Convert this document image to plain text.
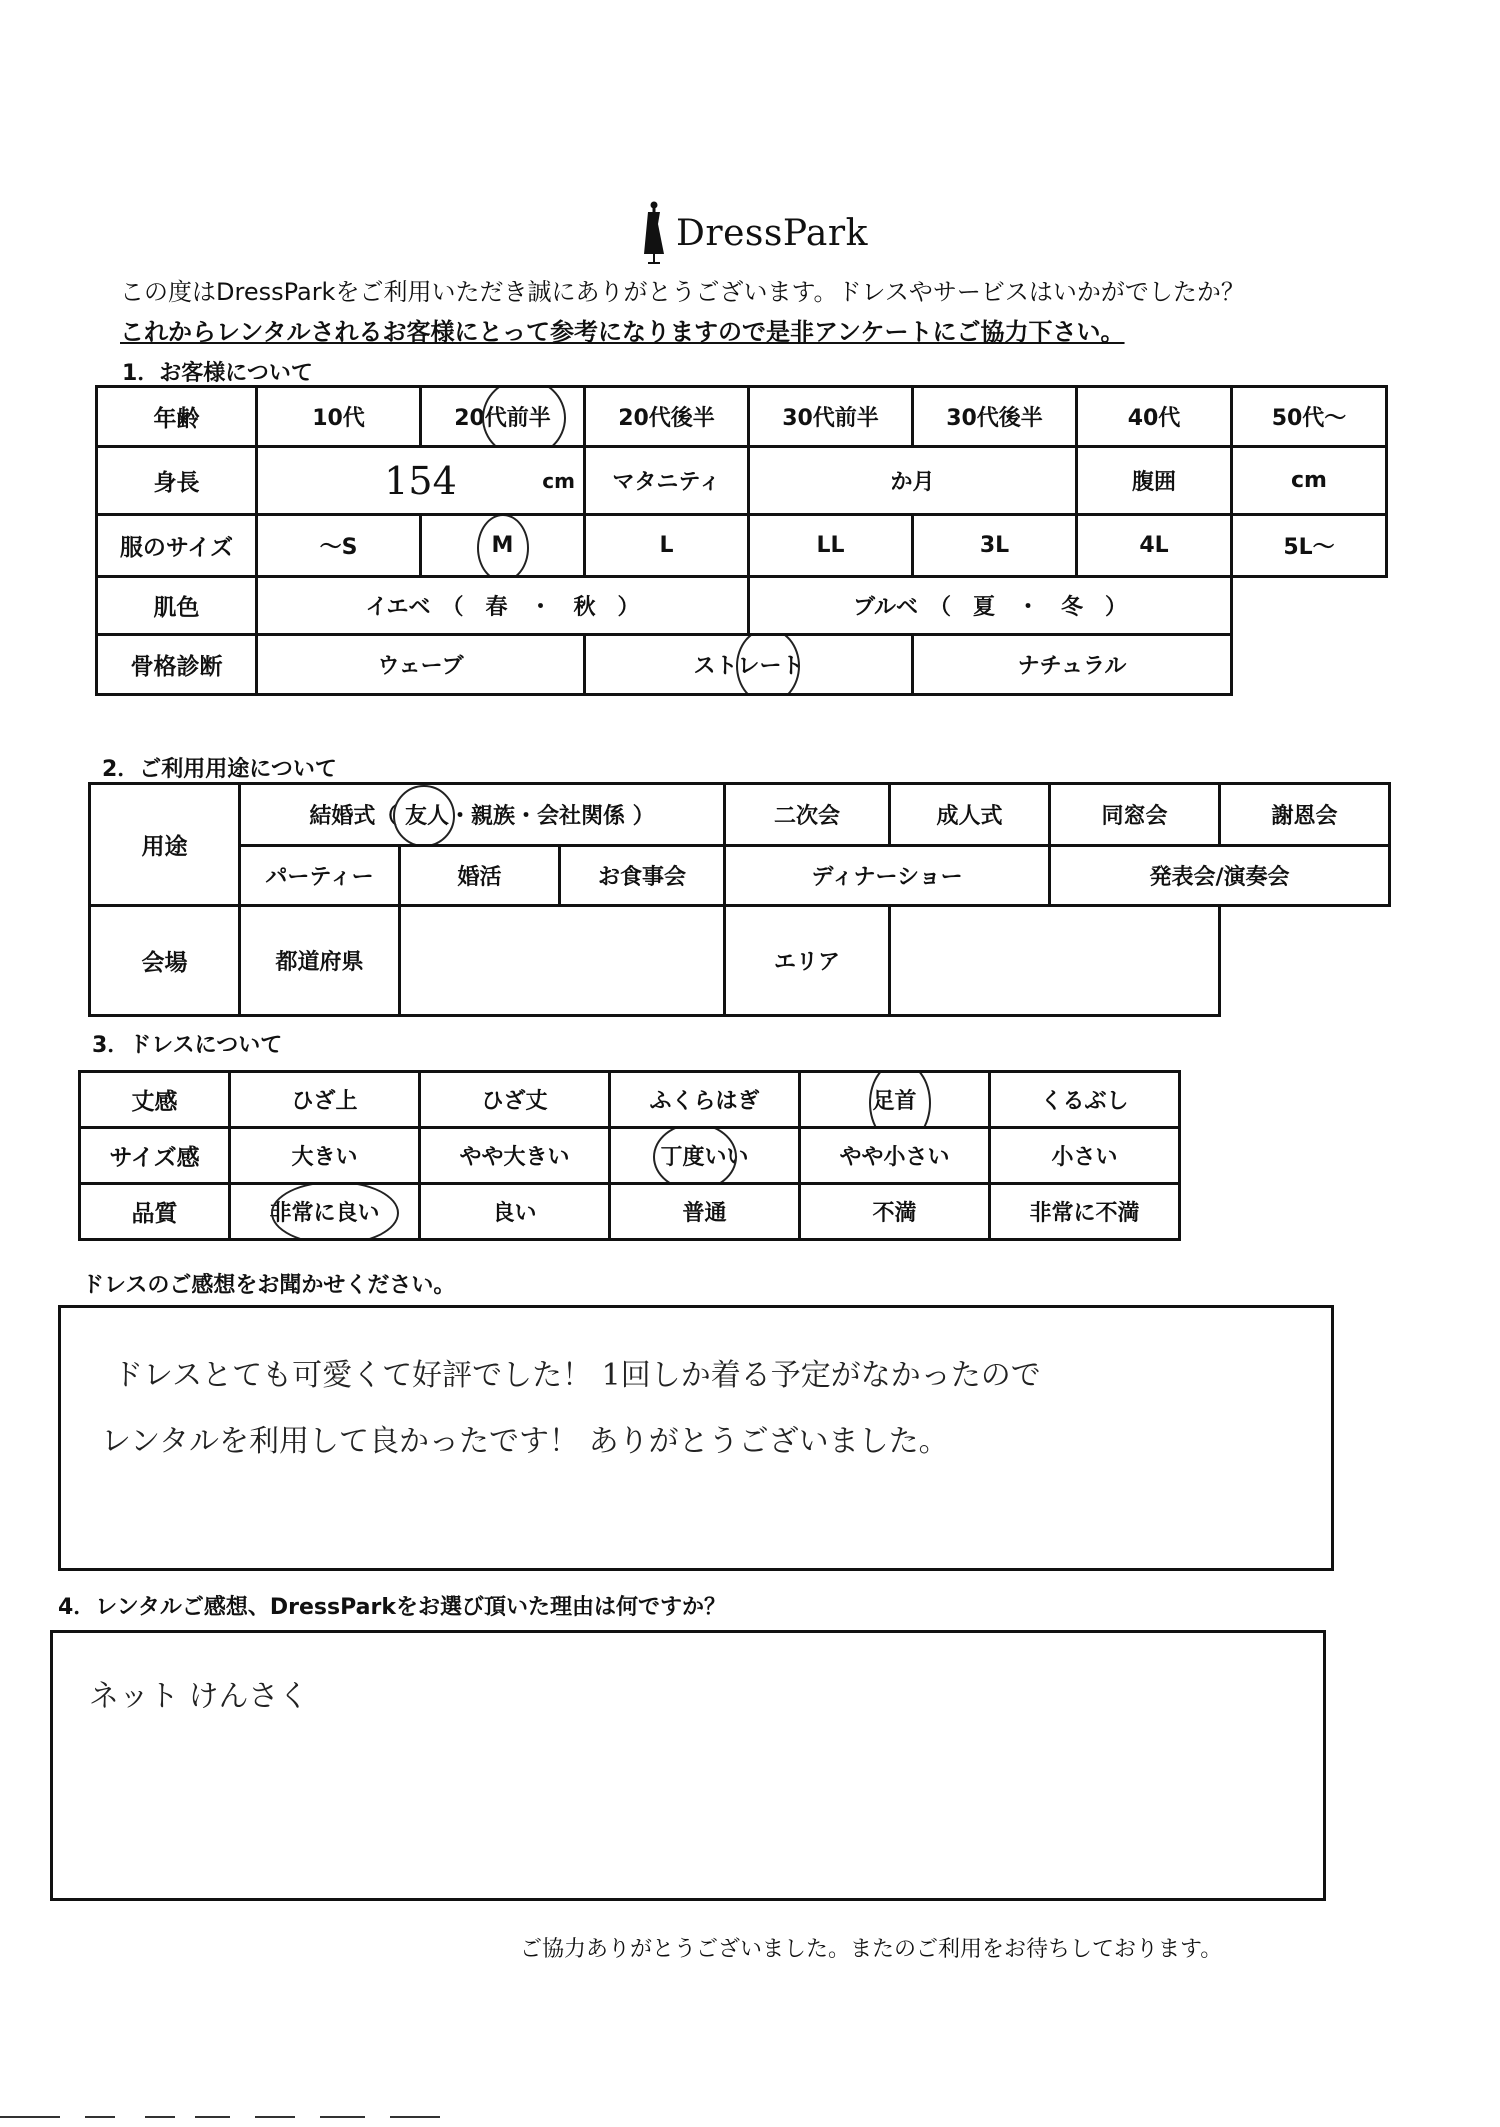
DressPark
この度はDressParkをご利用いただき誠にありがとうございます。ドレスやサービスはいかがでしたか？
これからレンタルされるお客様にとって参考になりますので是非アンケートにご協力下さい。
1．お客様について
年齢	10代	20代前半	20代後半	30代前半	30代後半	40代	50代～
身長	154 cm		マタニティ	か月		腹囲	cm
服のサイズ	～S	M	L	LL	3L	4L	5L～
肌色	イエベ　（　春　・　秋　）			ブルベ　（　夏　・　冬　）			
骨格診断	ウェーブ		ストレート		ナチュラル		
2．ご利用用途について
用途	結婚式（ 友人・親族・会社関係 ）			二次会	成人式	同窓会	謝恩会
	パーティー	婚活	お食事会	ディナーショー		発表会/演奏会	
会場	都道府県			エリア			
3．ドレスについて
丈感	ひざ上	ひざ丈	ふくらはぎ	足首	くるぶし
サイズ感	大きい	やや大きい	丁度いい	やや小さい	小さい
品質	非常に良い	良い	普通	不満	非常に不満
ドレスのご感想をお聞かせください。
ドレスとても可愛くて好評でした！ 1回しか着る予定がなかったので
レンタルを利用して良かったです！ ありがとうございました。
4．レンタルご感想、DressParkをお選び頂いた理由は何ですか？
ネット けんさく
ご協力ありがとうございました。またのご利用をお待ちしております。
